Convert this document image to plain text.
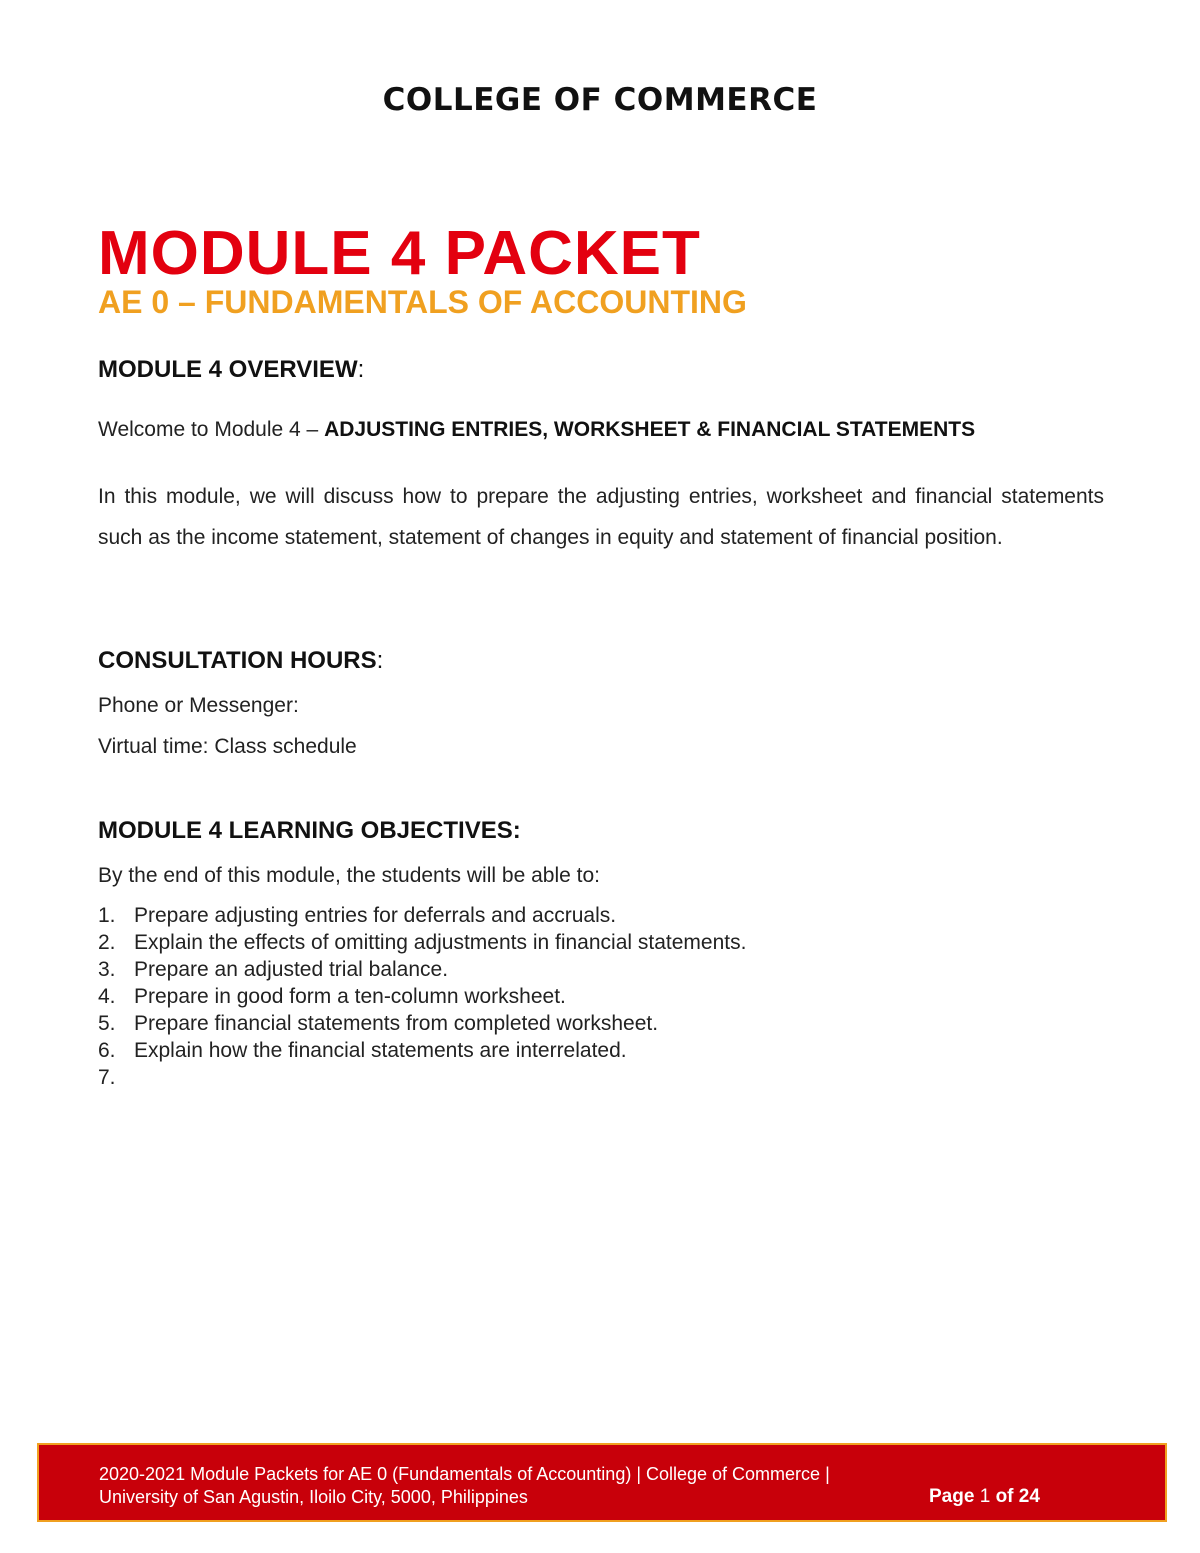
COLLEGE OF COMMERCE
MODULE 4 PACKET
AE 0 – FUNDAMENTALS OF ACCOUNTING
MODULE 4 OVERVIEW:
Welcome to Module 4 – ADJUSTING ENTRIES, WORKSHEET & FINANCIAL STATEMENTS
In this module, we will discuss how to prepare the adjusting entries, worksheet and financial statements such as the income statement, statement of changes in equity and statement of financial position.
CONSULTATION HOURS:
Phone or Messenger:
Virtual time: Class schedule
MODULE 4 LEARNING OBJECTIVES:
By the end of this module, the students will be able to:
1. Prepare adjusting entries for deferrals and accruals.
2. Explain the effects of omitting adjustments in financial statements.
3. Prepare an adjusted trial balance.
4. Prepare in good form a ten-column worksheet.
5. Prepare financial statements from completed worksheet.
6. Explain how the financial statements are interrelated.
7.
2020-2021 Module Packets for AE 0 (Fundamentals of Accounting) | College of Commerce |
University of San Agustin, Iloilo City, 5000, Philippines	Page 1 of 24
